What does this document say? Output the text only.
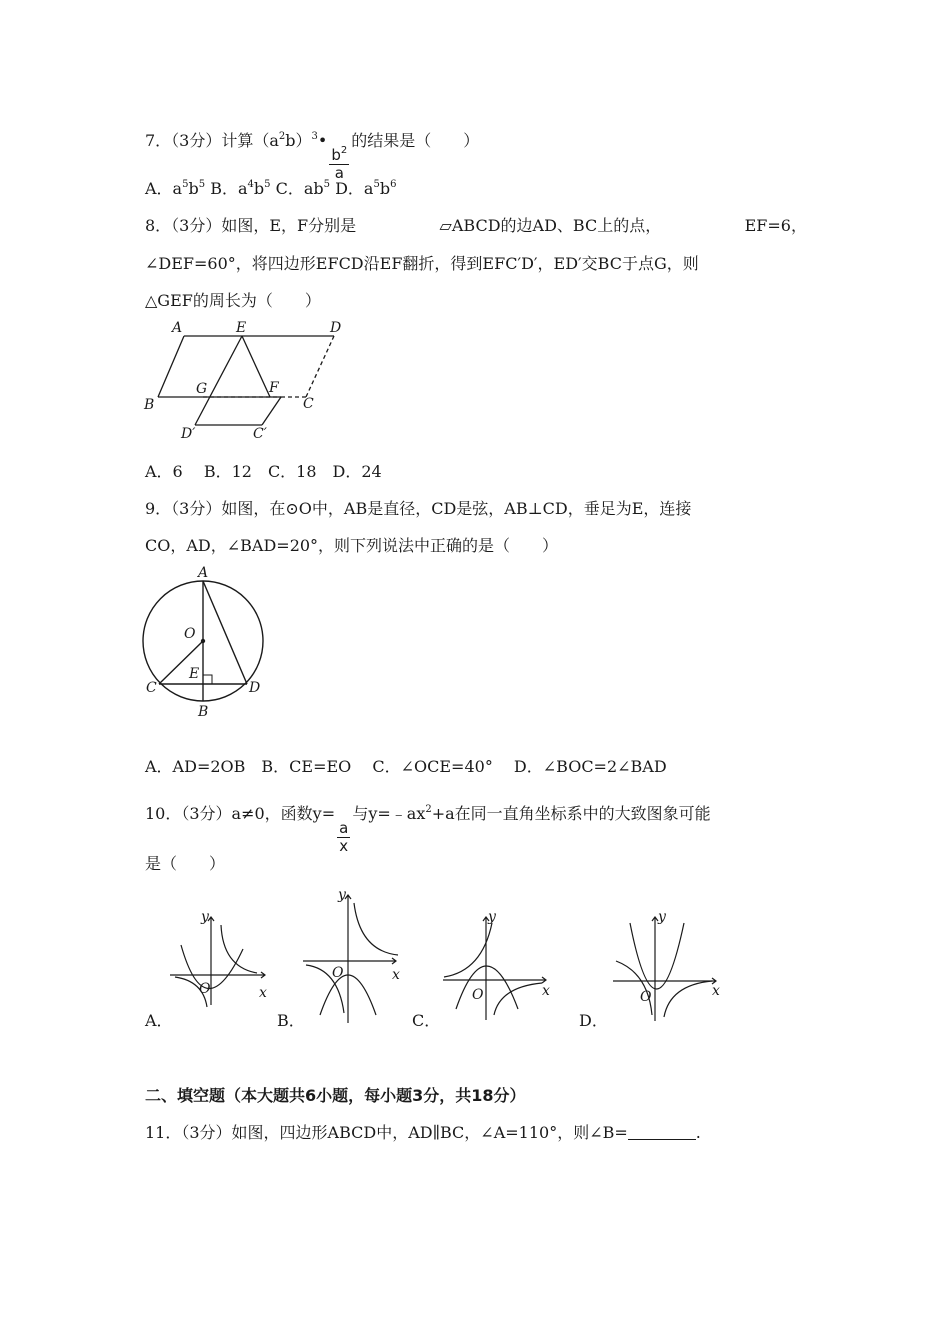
7．（3分）计算$(a^2b)^3•$
$\frac{b^2}{a}$
的结果是（　　）
A．$a^5b^5$ B．$a^4b^5$ C．$ab^5$ D．$a^5b^6$
8．（3分）如图，E，F分别是	▱ABCD的边AD、BC上的点，	EF=6，
∠DEF=60°，将四边形EFCD沿EF翻折，得到EFC′D′，ED′交BC于点G，则
△GEF的周长为（　　）
A	E	D
B
G	F
C
D′	C′
A．6　 B．12　C．18　D．24
9．（3分）如图，在⊙O中，AB是直径，CD是弦，AB⊥CD，垂足为E，连接
CO，AD，∠BAD=20°，则下列说法中正确的是（　　）
A
O
E
C	D
B
A．AD=2OB　B．CE=EO　 C．∠OCE=40°　 D．∠BOC=2∠BAD
10．（3分）a≠0，函数y=
$\frac{a}{x}$
与$y=﹣ax^2+a$在同一直角坐标系中的大致图象可能
是（　　）
y
x
O
y
x
O
y
x
O
y
x
O
A．	B．	C．	D．
二、填空题（本大题共6小题，每小题3分，共18分）
11．（3分）如图，四边形ABCD中，AD∥BC，∠A=110°，则∠B=	.
